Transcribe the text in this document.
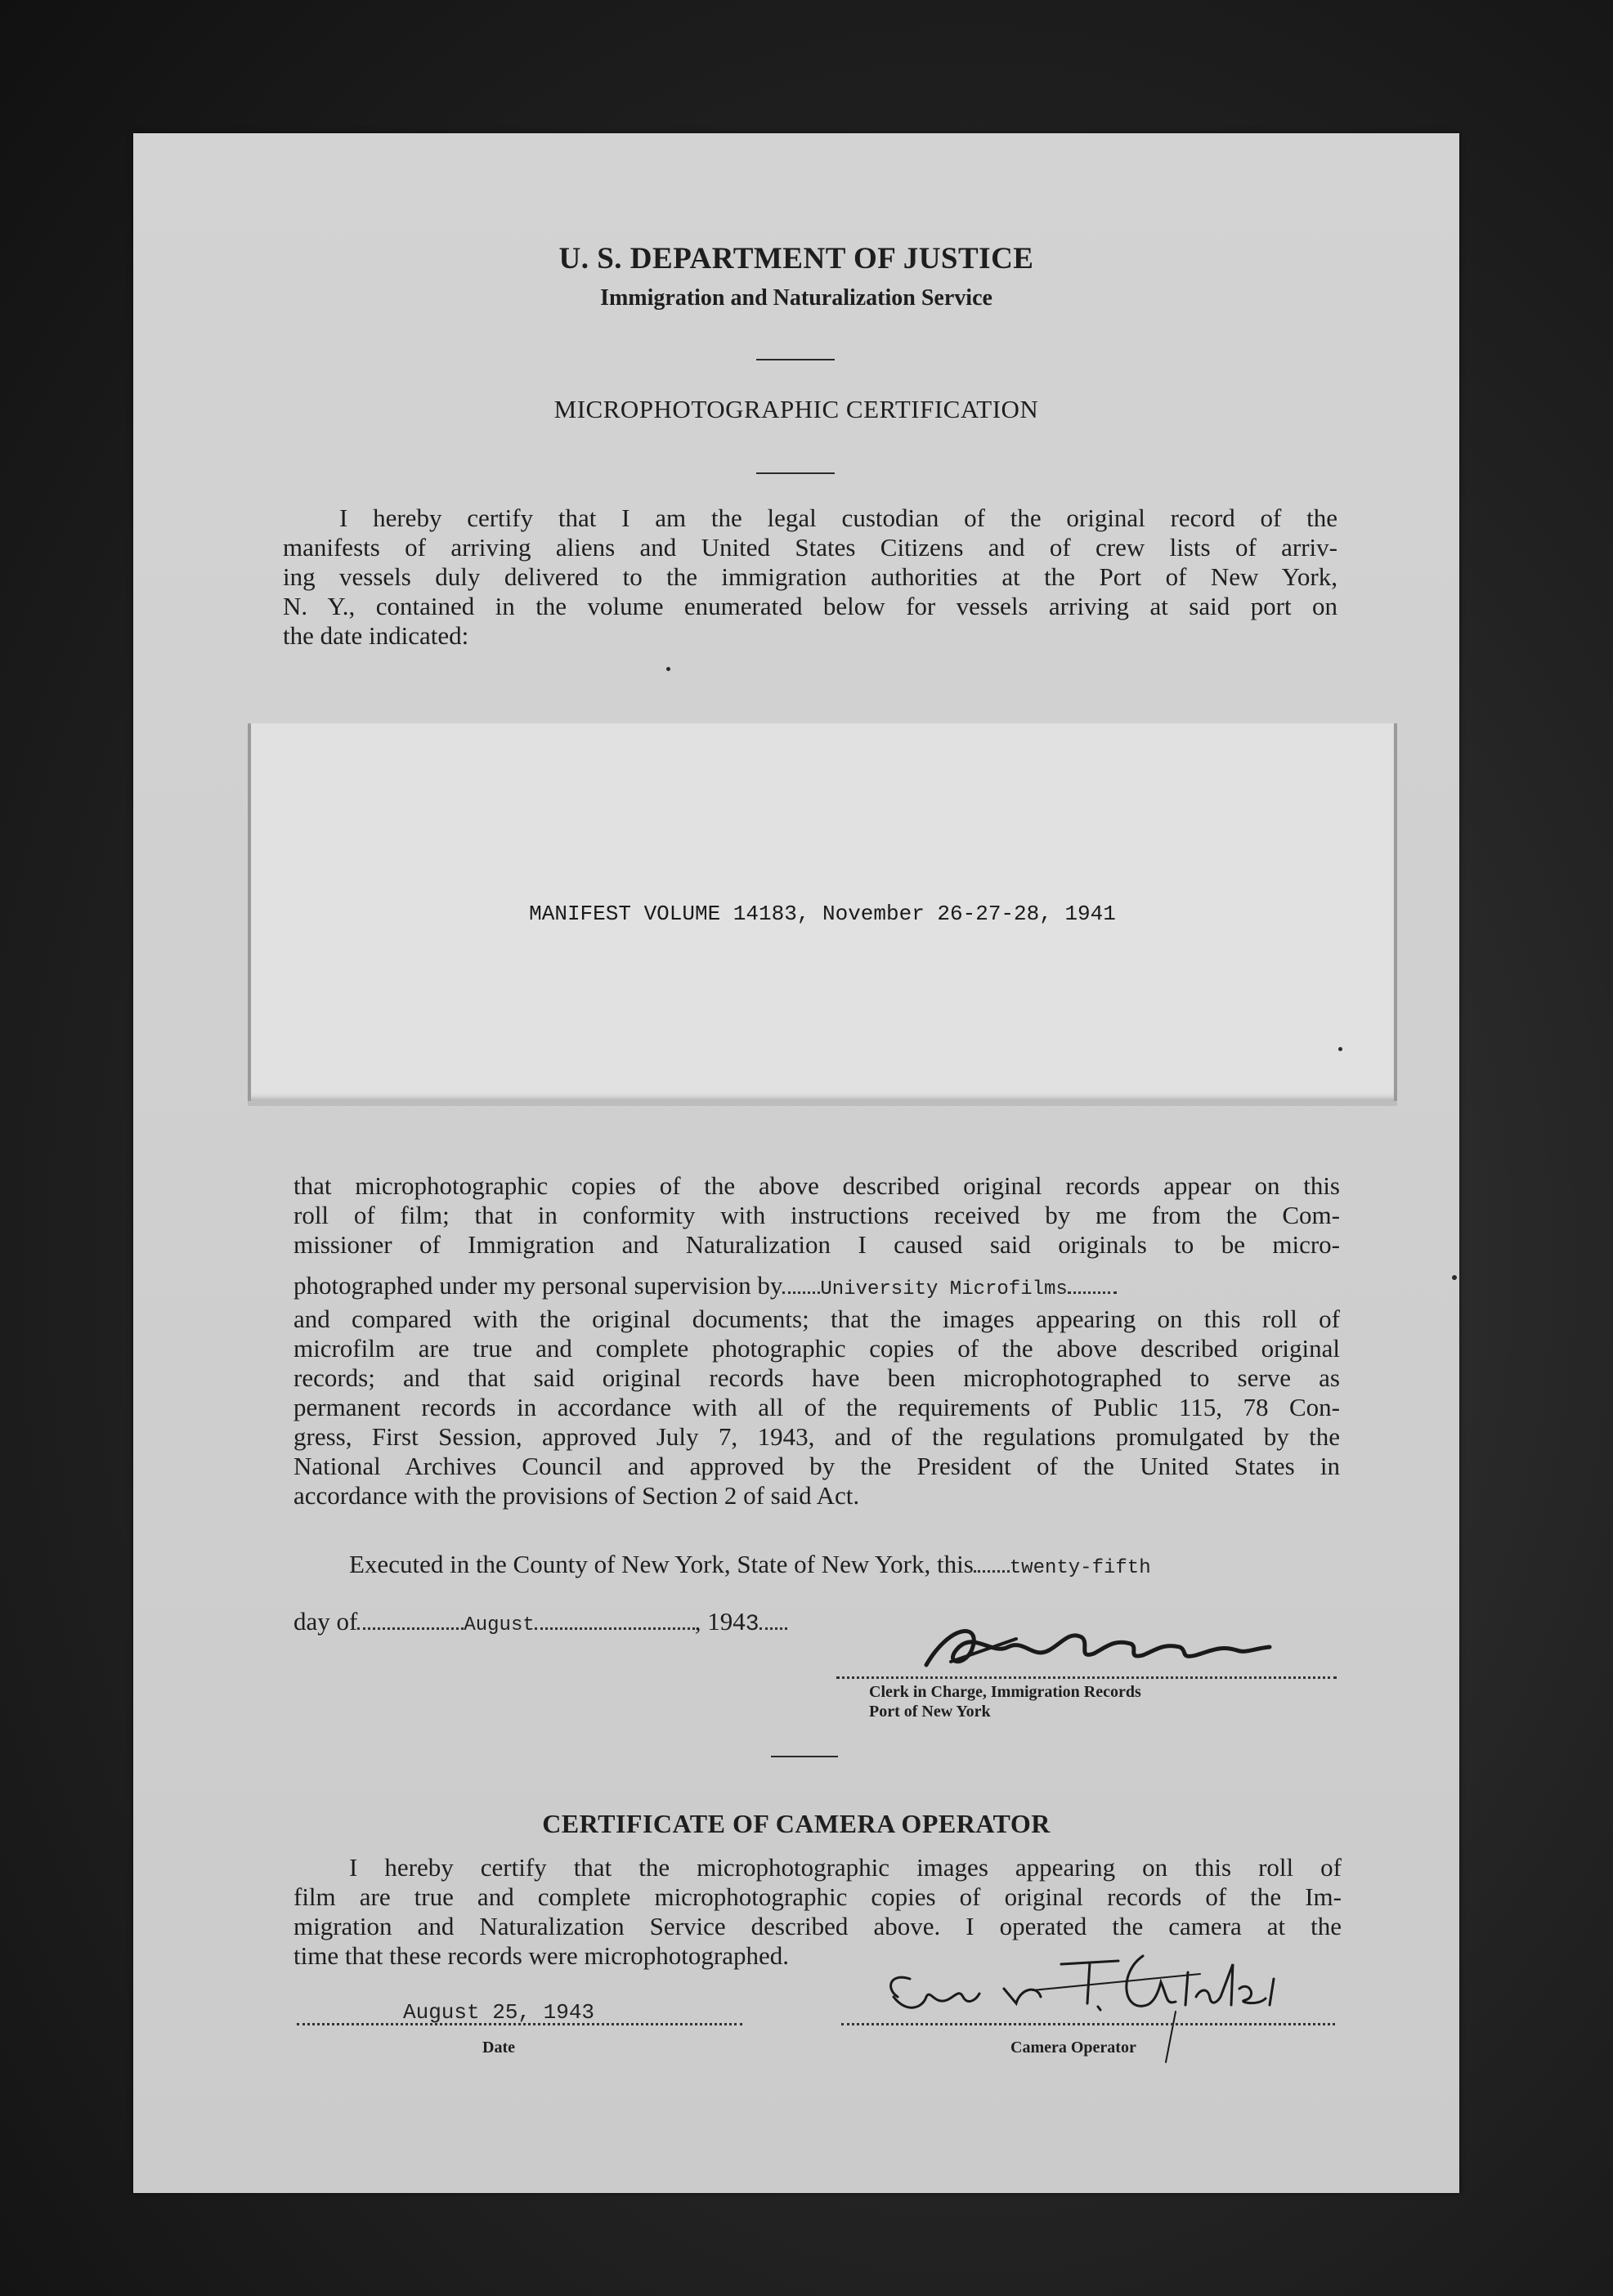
U. S. DEPARTMENT OF JUSTICE
Immigration and Naturalization Service
MICROPHOTOGRAPHIC CERTIFICATION
I hereby certify that I am the legal custodian of the original record of the
manifests of arriving aliens and United States Citizens and of crew lists of arriv-
ing vessels duly delivered to the immigration authorities at the Port of New York,
N. Y., contained in the volume enumerated below for vessels arriving at said port on
the date indicated:
MANIFEST VOLUME 14183, November 26-27-28, 1941
that microphotographic copies of the above described original records appear on this
roll of film; that in conformity with instructions received by me from the Com-
missioner of Immigration and Naturalization I caused said originals to be micro-
photographed under my personal supervision by University Microfilms
and compared with the original documents; that the images appearing on this roll of
microfilm are true and complete photographic copies of the above described original
records; and that said original records have been microphotographed to serve as
permanent records in accordance with all of the requirements of Public 115, 78 Con-
gress, First Session, approved July 7, 1943, and of the regulations promulgated by the
National Archives Council and approved by the President of the United States in
accordance with the provisions of Section 2 of said Act.
Executed in the County of New York, State of New York, this twenty-fifth
day of	August	, 1943
Clerk in Charge, Immigration Records
Port of New York
CERTIFICATE OF CAMERA OPERATOR
I hereby certify that the microphotographic images appearing on this roll of
film are true and complete microphotographic copies of original records of the Im-
migration and Naturalization Service described above. I operated the camera at the
time that these records were microphotographed.
August 25, 1943
Date	Camera Operator
